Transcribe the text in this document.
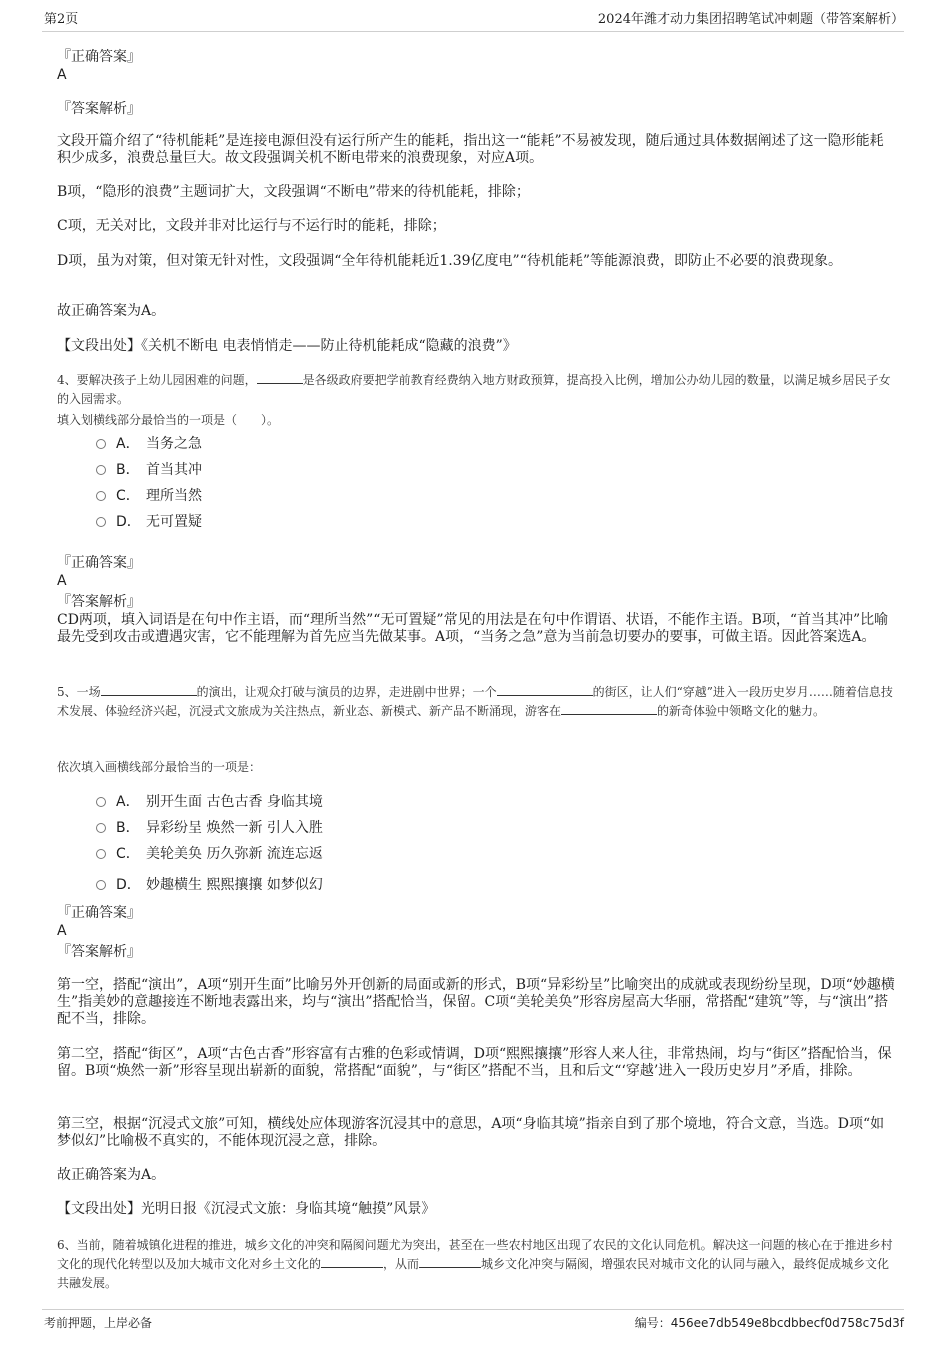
第2页	2024年潍才动力集团招聘笔试冲刺题（带答案解析）
『正确答案』
A
『答案解析』
文段开篇介绍了“待机能耗”是连接电源但没有运行所产生的能耗，指出这一“能耗”不易被发现，随后通过具体数据阐述了这一隐形能耗积少成多，浪费总量巨大。故文段强调关机不断电带来的浪费现象，对应A项。
B项，“隐形的浪费”主题词扩大，文段强调“不断电”带来的待机能耗，排除；
C项，无关对比，文段并非对比运行与不运行时的能耗，排除；
D项，虽为对策，但对策无针对性，文段强调“全年待机能耗近1.39亿度电”“待机能耗”等能源浪费，即防止不必要的浪费现象。
故正确答案为A。
【文段出处】《关机不断电 电表悄悄走——防止待机能耗成“隐藏的浪费”》
4、要解决孩子上幼儿园困难的问题，	是各级政府要把学前教育经费纳入地方财政预算，提高投入比例，增加公办幼儿园的数量，以满足城乡居民子女的入园需求。
填入划横线部分最恰当的一项是（　　）。
A． 当务之急
B． 首当其冲
C． 理所当然
D． 无可置疑
『正确答案』
A
『答案解析』
CD两项，填入词语是在句中作主语，而“理所当然”“无可置疑”常见的用法是在句中作谓语、状语，不能作主语。B项，“首当其冲”比喻最先受到攻击或遭遇灾害，它不能理解为首先应当先做某事。A项，“当务之急”意为当前急切要办的要事，可做主语。因此答案选A。
5、一场	的演出，让观众打破与演员的边界，走进剧中世界；一个	的街区，让人们“穿越”进入一段历史岁月……随着信息技术发展、体验经济兴起，沉浸式文旅成为关注热点，新业态、新模式、新产品不断涌现，游客在	的新奇体验中领略文化的魅力。
依次填入画横线部分最恰当的一项是：
A． 别开生面 古色古香 身临其境
B． 异彩纷呈 焕然一新 引人入胜
C． 美轮美奂 历久弥新 流连忘返
D． 妙趣横生 熙熙攘攘 如梦似幻
『正确答案』
A
『答案解析』
第一空，搭配“演出”，A项“别开生面”比喻另外开创新的局面或新的形式，B项“异彩纷呈”比喻突出的成就或表现纷纷呈现，D项“妙趣横生”指美妙的意趣接连不断地表露出来，均与“演出”搭配恰当，保留。C项“美轮美奂”形容房屋高大华丽，常搭配“建筑”等，与“演出”搭配不当，排除。
第二空，搭配“街区”，A项“古色古香”形容富有古雅的色彩或情调，D项“熙熙攘攘”形容人来人往，非常热闹，均与“街区”搭配恰当，保留。B项“焕然一新”形容呈现出崭新的面貌，常搭配“面貌”，与“街区”搭配不当，且和后文“‘穿越’进入一段历史岁月”矛盾，排除。
第三空，根据“沉浸式文旅”可知，横线处应体现游客沉浸其中的意思，A项“身临其境”指亲自到了那个境地，符合文意，当选。D项“如梦似幻”比喻极不真实的，不能体现沉浸之意，排除。
故正确答案为A。
【文段出处】光明日报《沉浸式文旅：身临其境“触摸”风景》
6、当前，随着城镇化进程的推进，城乡文化的冲突和隔阂问题尤为突出，甚至在一些农村地区出现了农民的文化认同危机。解决这一问题的核心在于推进乡村文化的现代化转型以及加大城市文化对乡土文化的	，从而	城乡文化冲突与隔阂，增强农民对城市文化的认同与融入，最终促成城乡文化共融发展。
考前押题，上岸必备	编号：456ee7db549e8bcdbbecf0d758c75d3f
